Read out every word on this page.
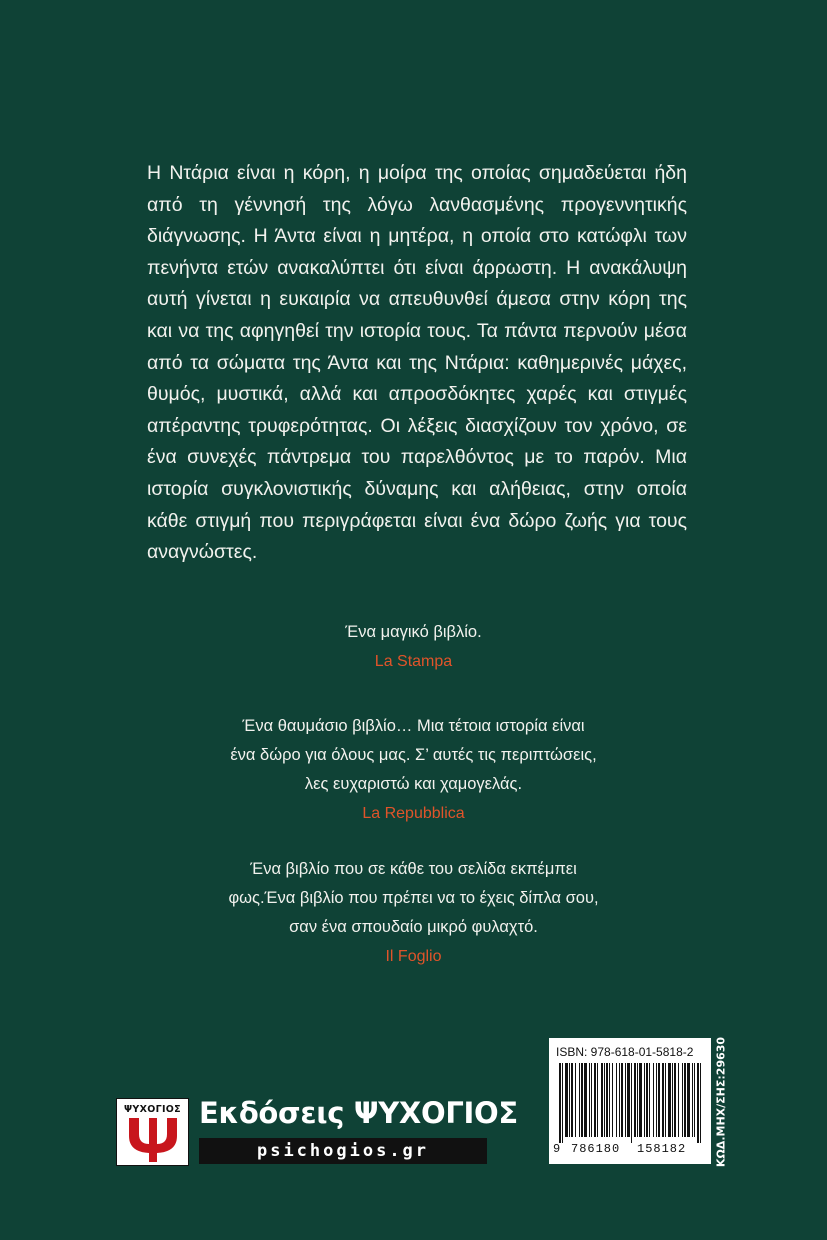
Η Ντάρια είναι η κόρη, η μοίρα της οποίας σημαδεύεται ήδη από τη γέννησή της λόγω λανθασμένης προγεννητικής διάγνωσης. Η Άντα είναι η μητέρα, η οποία στο κατώφλι των πενήντα ετών ανακαλύπτει ότι είναι άρρωστη. Η ανακάλυψη αυτή γίνεται η ευκαιρία να απευθυνθεί άμεσα στην κόρη της και να της αφηγηθεί την ιστορία τους. Τα πάντα περνούν μέσα από τα σώματα της Άντα και της Ντάρια: καθημερινές μάχες, θυμός, μυστικά, αλλά και απροσδόκητες χαρές και στιγμές απέραντης τρυφερότητας. Οι λέξεις διασχίζουν τον χρόνο, σε ένα συνεχές πάντρεμα του παρελθόντος με το παρόν. Μια ιστορία συγκλονιστικής δύναμης και αλήθειας, στην οποία κάθε στιγμή που περιγράφεται είναι ένα δώρο ζωής για τους αναγνώστες.

Ένα μαγικό βιβλίο.

La Stampa

Ένα θαυμάσιο βιβλίο… Μια τέτοια ιστορία είναι

ένα δώρο για όλους μας. Σ’ αυτές τις περιπτώσεις,

λες ευχαριστώ και χαμογελάς.

La Repubblica

Ένα βιβλίο που σε κάθε του σελίδα εκπέμπει

φως.Ένα βιβλίο που πρέπει να το έχεις δίπλα σου,

σαν ένα σπουδαίο μικρό φυλαχτό.

Il Foglio

ΨΥΧΟΓΙΟΣ Εκδόσεις ΨΥΧΟΓΙΟΣ
psichogios.gr
ISBN: 978-618-01-5818-2
9 786180 158182	ΚΩΔ.ΜΗΧ/ΣΗΣ:29630
